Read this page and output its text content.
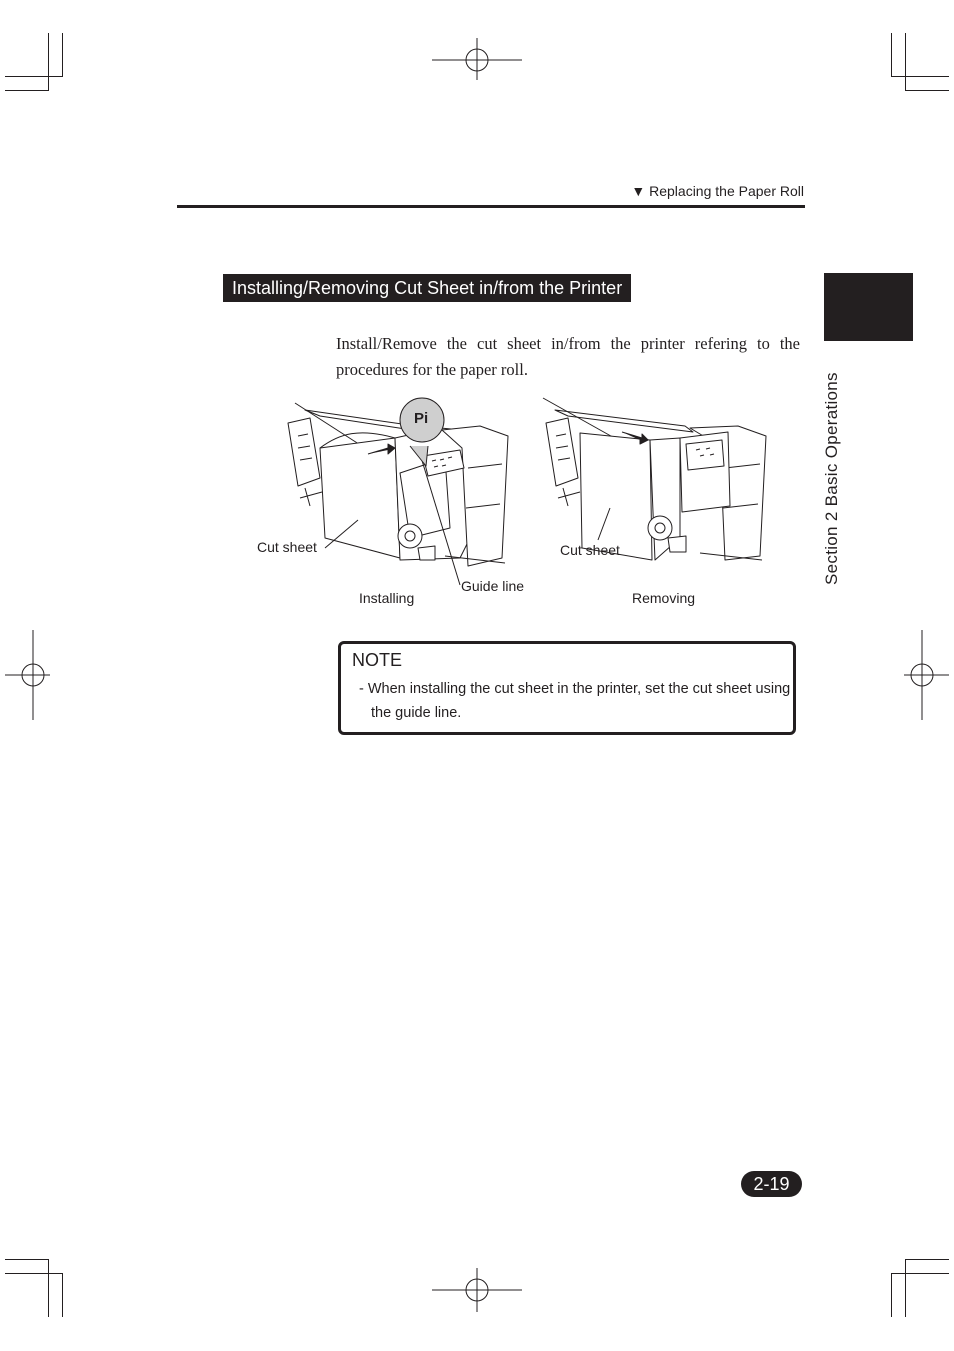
▼ Replacing the Paper Roll
Section 2 Basic Operations
Installing/Removing Cut Sheet in/from the Printer
Install/Remove the cut sheet in/from the printer refering to the procedures for the paper roll.
Pi
Cut sheet
Guide line
Installing
Cut sheet
Removing
NOTE
- When installing the cut sheet in the printer, set the cut sheet using the guide line.
2-19
